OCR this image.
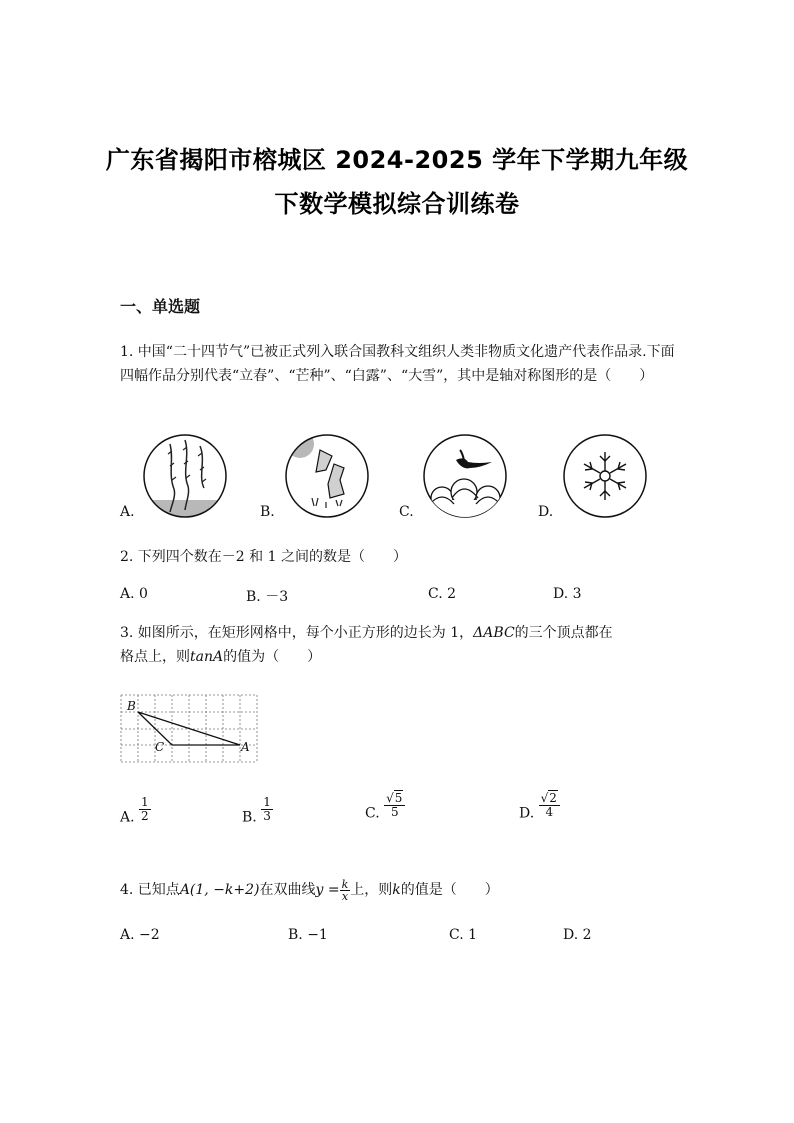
广东省揭阳市榕城区 2024-2025 学年下学期九年级
下数学模拟综合训练卷
一、单选题
1. 中国“二十四节气”已被正式列入联合国教科文组织人类非物质文化遗产代表作品录.下面四幅作品分别代表“立春”、“芒种”、“白露”、“大雪”，其中是轴对称图形的是（　　）
A.	B.	C.	D.
2. 下列四个数在－2 和 1 之间的数是（　　）
A. 0	B. －3	C. 2	D. 3
3. 如图所示，在矩形网格中，每个小正方形的边长为 1，ΔABC的三个顶点都在
格点上，则tanA的值为（　　）
B
C	A
A. $\frac{1}{2}$	B. $\frac{1}{3}$	C. $\frac{√5}{5}$	D. $\frac{√2}{4}$
4. 已知点A(1, −k+2)在双曲线$y = \frac{k}{x}$ 上，则k的值是（　　）
A. −2	B. −1	C. 1	D. 2
